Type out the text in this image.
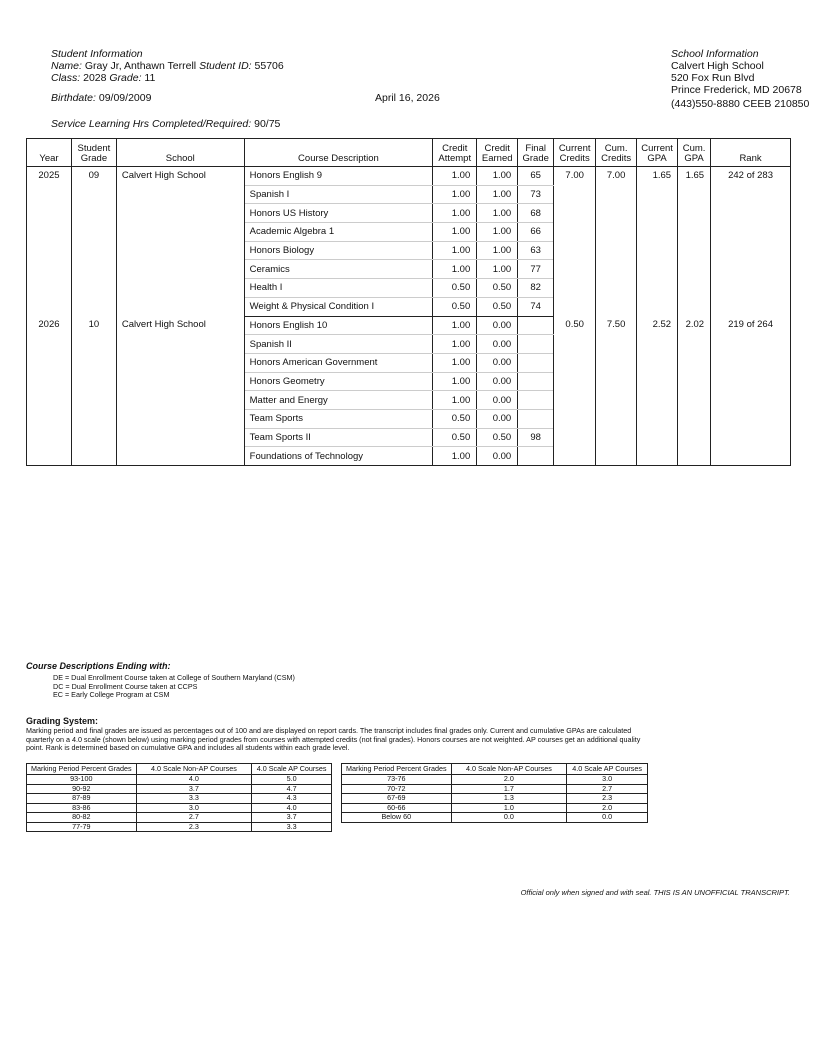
Student Information
Name: Gray Jr, Anthawn Terrell Student ID: 55706
Class: 2028 Grade: 11
Birthdate: 09/09/2009	April 16, 2026
Service Learning Hrs Completed/Required: 90/75
School Information
Calvert High School
520 Fox Run Blvd
Prince Frederick, MD 20678
(443)550-8880 CEEB 210850
Year	Student Grade	School	Course Description	Credit Attempt	Credit Earned	Final Grade	Current Credits	Cum. Credits	Current GPA	Cum. GPA	Rank
2025	09	Calvert High School	Honors English 9	1.00	1.00	65	7.00	7.00	1.65	1.65	242 of 283
			Spanish I	1.00	1.00	73					
			Honors US History	1.00	1.00	68					
			Academic Algebra 1	1.00	1.00	66					
			Honors Biology	1.00	1.00	63					
			Ceramics	1.00	1.00	77					
			Health I	0.50	0.50	82					
			Weight & Physical Condition I	0.50	0.50	74					
2026	10	Calvert High School	Honors English 10	1.00	0.00		0.50	7.50	2.52	2.02	219 of 264
			Spanish II	1.00	0.00						
			Honors American Government	1.00	0.00						
			Honors Geometry	1.00	0.00						
			Matter and Energy	1.00	0.00						
			Team Sports	0.50	0.00						
			Team Sports II	0.50	0.50	98					
			Foundations of Technology	1.00	0.00						
Course Descriptions Ending with:
DE = Dual Enrollment Course taken at College of Southern Maryland (CSM)
DC = Dual Enrollment Course taken at CCPS
EC = Early College Program at CSM
Grading System:
Marking period and final grades are issued as percentages out of 100 and are displayed on report cards. The transcript includes final grades only. Current and cumulative GPAs are calculated quarterly on a 4.0 scale (shown below) using marking period grades from courses with attempted credits (not final grades). Honors courses are not weighted. AP courses get an additional quality point. Rank is determined based on cumulative GPA and includes all students within each grade level.
Marking Period Percent Grades	4.0 Scale Non-AP Courses	4.0 Scale AP Courses
93-100	4.0	5.0
90-92	3.7	4.7
87-89	3.3	4.3
83-86	3.0	4.0
80-82	2.7	3.7
77-79	2.3	3.3
Marking Period Percent Grades	4.0 Scale Non-AP Courses	4.0 Scale AP Courses
73-76	2.0	3.0
70-72	1.7	2.7
67-69	1.3	2.3
60-66	1.0	2.0
Below 60	0.0	0.0
Official only when signed and with seal. THIS IS AN UNOFFICIAL TRANSCRIPT.
